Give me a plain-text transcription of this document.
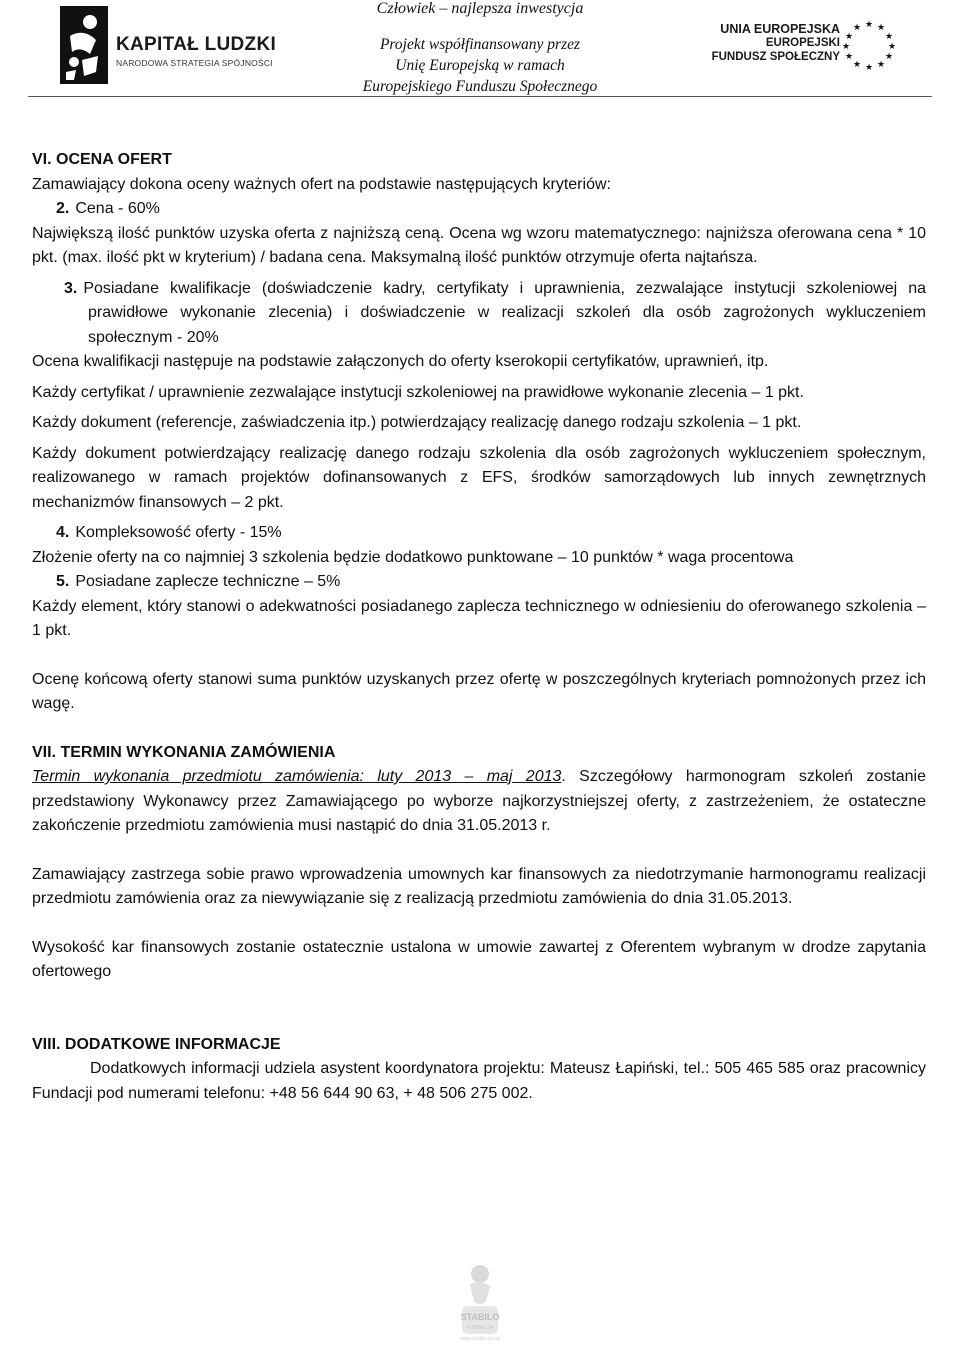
KAPITAŁ LUDZKI
NARODOWA STRATEGIA SPÓJNOŚCI
Człowiek – najlepsza inwestycja
Projekt współfinansowany przez
Unię Europejską w ramach
Europejskiego Funduszu Społecznego
UNIA EUROPEJSKA
EUROPEJSKI
FUNDUSZ SPOŁECZNY
★ ★
★
★
★
★
★
★
★
★
★
★

VI. OCENA OFERT

Zamawiający dokona oceny ważnych ofert na podstawie następujących kryteriów:

2. Cena - 60%

Największą ilość punktów uzyska oferta z najniższą ceną. Ocena wg wzoru matematycznego: najniższa oferowana cena * 10 pkt. (max. ilość pkt w kryterium) / badana cena. Maksymalną ilość punktów otrzymuje oferta najtańsza.

3. Posiadane kwalifikacje (doświadczenie kadry, certyfikaty i uprawnienia, zezwalające instytucji szkoleniowej na prawidłowe wykonanie zlecenia) i doświadczenie w realizacji szkoleń dla osób zagrożonych wykluczeniem społecznym - 20%

Ocena kwalifikacji następuje na podstawie załączonych do oferty kserokopii certyfikatów, uprawnień, itp.

Każdy certyfikat / uprawnienie zezwalające instytucji szkoleniowej na prawidłowe wykonanie zlecenia – 1 pkt.

Każdy dokument (referencje, zaświadczenia itp.) potwierdzający realizację danego rodzaju szkolenia – 1 pkt.

Każdy dokument potwierdzający realizację danego rodzaju szkolenia dla osób zagrożonych wykluczeniem społecznym, realizowanego w ramach projektów dofinansowanych z EFS, środków samorządowych lub innych zewnętrznych mechanizmów finansowych – 2 pkt.

4. Kompleksowość oferty - 15%

Złożenie oferty na co najmniej 3 szkolenia będzie dodatkowo punktowane – 10 punktów * waga procentowa

5. Posiadane zaplecze techniczne – 5%

Każdy element, który stanowi o adekwatności posiadanego zaplecza technicznego w odniesieniu do oferowanego szkolenia – 1 pkt.

Ocenę końcową oferty stanowi suma punktów uzyskanych przez ofertę w poszczególnych kryteriach pomnożonych przez ich wagę.

VII. TERMIN WYKONANIA ZAMÓWIENIA

Termin wykonania przedmiotu zamówienia: luty 2013 – maj 2013. Szczegółowy harmonogram szkoleń zostanie przedstawiony Wykonawcy przez Zamawiającego po wyborze najkorzystniejszej oferty, z zastrzeżeniem, że ostateczne zakończenie przedmiotu zamówienia musi nastąpić do dnia 31.05.2013 r.

Zamawiający zastrzega sobie prawo wprowadzenia umownych kar finansowych za niedotrzymanie harmonogramu realizacji przedmiotu zamówienia oraz za niewywiązanie się z realizacją przedmiotu zamówienia do dnia 31.05.2013.

Wysokość kar finansowych zostanie ostatecznie ustalona w umowie zawartej z Oferentem wybranym w drodze zapytania ofertowego

VIII. DODATKOWE INFORMACJE

Dodatkowych informacji udziela asystent koordynatora projektu: Mateusz Łapiński, tel.: 505 465 585 oraz pracownicy Fundacji pod numerami telefonu: +48 56 644 90 63, + 48 506 275 002.

STABILO
FUNDACJA
www.stabilo.org.pl
